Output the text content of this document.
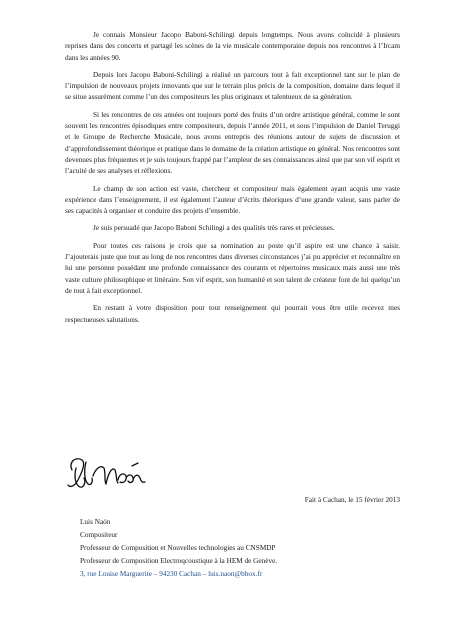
Je connais Monsieur Jacopo Baboni-Schilingi depuis longtemps. Nous avons coïncidé à plusieurs reprises dans des concerts et partagé les scènes de la vie musicale contemporaine depuis nos rencontres à l’Ircam dans les années 90.

Depuis lors Jacopo Baboni-Schilingi a réalisé un parcours tout à fait exceptionnel tant sur le plan de l’impulsion de nouveaux projets innovants que sur le terrain plus précis de la composition, domaine dans lequel il se situe assurément comme l’un des compositeurs les plus originaux et talentueux de sa génération.

Si les rencontres de ces années ont toujours porté des fruits d’un ordre artistique général, comme le sont souvent les rencontres épisodiques entre compositeurs, depuis l’année 2011, et sous l’impulsion de Daniel Teruggi et le Groupe de Recherche Musicale, nous avons entrepris des réunions autour de sujets de discussion et d’approfondissement théorique et pratique dans le domaine de la création artistique en général. Nos rencontres sont devenues plus fréquentes et je suis toujours frappé par l’ampleur de ses connaissances ainsi que par son vif esprit et l’acuité de ses analyses et réflexions.

Le champ de son action est vaste, chercheur et compositeur mais également ayant acquis une vaste expérience dans l’enseignement, il est également l’auteur d’écrits théoriques d’une grande valeur, sans parler de ses capacités à organiser et conduire des projets d’ensemble.

Je suis persuadé que Jacopo Baboni Schilingi a des qualités très rares et précieuses.

Pour toutes ces raisons je crois que sa nomination au poste qu’il aspire est une chance à saisir. J’ajouterais juste que tout au long de nos rencontres dans diverses circonstances j’ai pu apprécier et reconnaître en lui une personne possédant une profonde connaissance des courants et répertoires musicaux mais aussi une très vaste culture philosophique et littéraire. Son vif esprit, son humanité et son talent de créateur font de lui quelqu’un de tout à fait exceptionnel.

En restant à votre disposition pour tout renseignement qui pourrait vous être utile recevez mes respectueuses salutations.

Fait à Cachan, le 15 février 2013

Luis Naón
Compositeur
Professeur de Composition et Nouvelles technologies au CNSMDP
Professeur de Composition Electroqcoustique à la HEM de Genève.
3, rue Louise Marguerite – 94230 Cachan – luis.naon@bbox.fr
